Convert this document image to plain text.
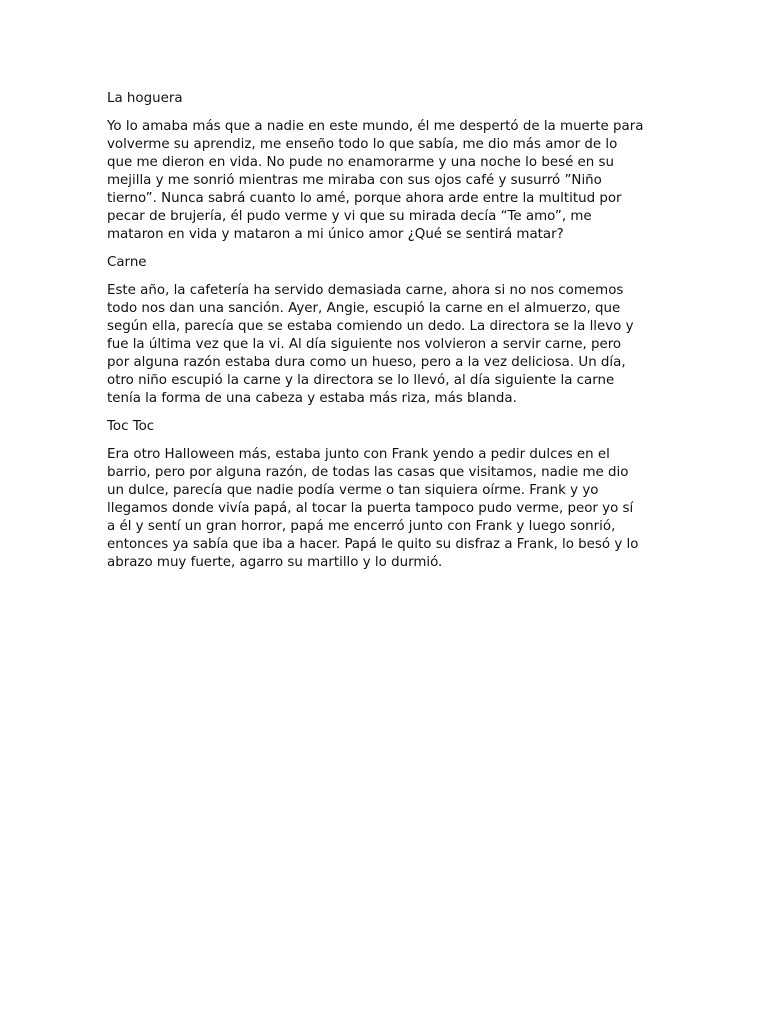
La hoguera

Yo lo amaba más que a nadie en este mundo, él me despertó de la muerte para
volverme su aprendiz, me enseño todo lo que sabía, me dio más amor de lo
que me dieron en vida. No pude no enamorarme y una noche lo besé en su
mejilla y me sonrió mientras me miraba con sus ojos café y susurró ”Niño
tierno”. Nunca sabrá cuanto lo amé, porque ahora arde entre la multitud por
pecar de brujería, él pudo verme y vi que su mirada decía “Te amo”, me
mataron en vida y mataron a mi único amor ¿Qué se sentirá matar?

Carne

Este año, la cafetería ha servido demasiada carne, ahora si no nos comemos
todo nos dan una sanción. Ayer, Angie, escupió la carne en el almuerzo, que
según ella, parecía que se estaba comiendo un dedo. La directora se la llevo y
fue la última vez que la vi. Al día siguiente nos volvieron a servir carne, pero
por alguna razón estaba dura como un hueso, pero a la vez deliciosa. Un día,
otro niño escupió la carne y la directora se lo llevó, al día siguiente la carne
tenía la forma de una cabeza y estaba más riza, más blanda.

Toc Toc

Era otro Halloween más, estaba junto con Frank yendo a pedir dulces en el
barrio, pero por alguna razón, de todas las casas que visitamos, nadie me dio
un dulce, parecía que nadie podía verme o tan siquiera oírme. Frank y yo
llegamos donde vivía papá, al tocar la puerta tampoco pudo verme, peor yo sí
a él y sentí un gran horror, papá me encerró junto con Frank y luego sonrió,
entonces ya sabía que iba a hacer. Papá le quito su disfraz a Frank, lo besó y lo
abrazo muy fuerte, agarro su martillo y lo durmió.
